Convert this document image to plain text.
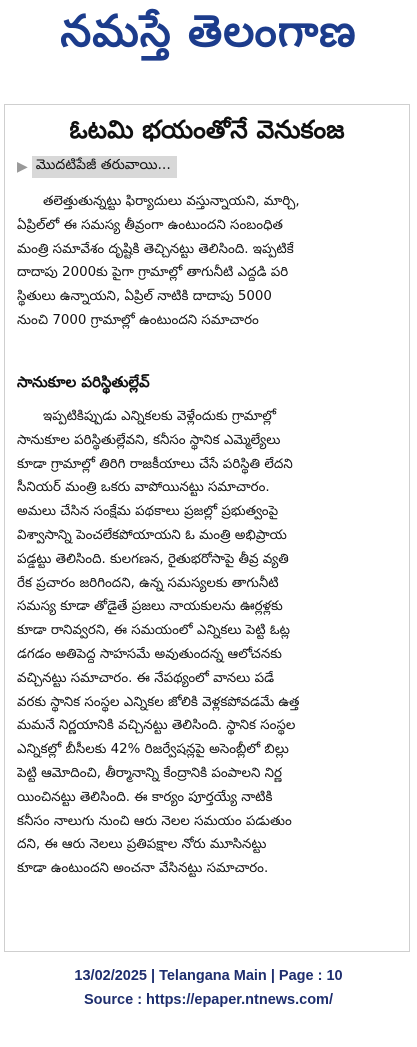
నమస్తే తెలంగాణ
ఓటమి భయంతోనే వెనుకంజ
▶ మొదటిపేజీ తరువాయి...
తలెత్తుతున్నట్టు ఫిర్యాదులు వస్తున్నాయని, మార్చి,
ఏప్రిల్‌లో ఈ సమస్య తీవ్రంగా ఉంటుందని సంబంధిత
మంత్రి సమావేశం దృష్టికి తెచ్చినట్టు తెలిసింది. ఇప్పటికే
దాదాపు 2000కు పైగా గ్రామాల్లో తాగునీటి ఎద్దడి పరి
స్థితులు ఉన్నాయని, ఏప్రిల్ నాటికి దాదాపు 5000
నుంచి 7000 గ్రామాల్లో ఉంటుందని సమాచారం
సానుకూల పరిస్థితుల్లేవ్
ఇప్పటికిప్పుడు ఎన్నికలకు వెళ్లేందుకు గ్రామాల్లో
సానుకూల పరిస్థితుల్లేవని, కనీసం స్థానిక ఎమ్మెల్యేలు
కూడా గ్రామాల్లో తిరిగి రాజకీయాలు చేసే పరిస్థితి లేదని
సీనియర్ మంత్రి ఒకరు వాపోయినట్టు సమాచారం.
అమలు చేసిన సంక్షేమ పథకాలు ప్రజల్లో ప్రభుత్వంపై
విశ్వాసాన్ని పెంచలేకపోయాయని ఓ మంత్రి అభిప్రాయ
పడ్డట్టు తెలిసింది. కులగణన, రైతుభరోసాపై తీవ్ర వ్యతి
రేక ప్రచారం జరిగిందని, ఉన్న సమస్యలకు తాగునీటి
సమస్య కూడా తోడైతే ప్రజలు నాయకులను ఊర్లళ్లకు
కూడా రానివ్వరని, ఈ సమయంలో ఎన్నికలు పెట్టి ఓట్ల
డగడం అతిపెద్ద సాహసమే అవుతుందన్న ఆలోచనకు
వచ్చినట్టు సమాచారం. ఈ నేపథ్యంలో వానలు పడే
వరకు స్థానిక సంస్థల ఎన్నికల జోలికి వెళ్లకపోవడమే ఉత్త
మమనే నిర్ణయానికి వచ్చినట్టు తెలిసింది. స్థానిక సంస్థల
ఎన్నికల్లో బీసీలకు 42% రిజర్వేషన్లపై అసెంబ్లీలో బిల్లు
పెట్టి ఆమోదించి, తీర్మానాన్ని కేంద్రానికి పంపాలని నిర్ణ
యించినట్టు తెలిసింది. ఈ కార్యం పూర్తయ్యే నాటికి
కనీసం నాలుగు నుంచి ఆరు నెలల సమయం పడుతుం
దని, ఈ ఆరు నెలలు ప్రతిపక్షాల నోరు మూసినట్టు
కూడా ఉంటుందని అంచనా వేసినట్టు సమాచారం.
13/02/2025 | Telangana Main | Page : 10
Source : https://epaper.ntnews.com/
